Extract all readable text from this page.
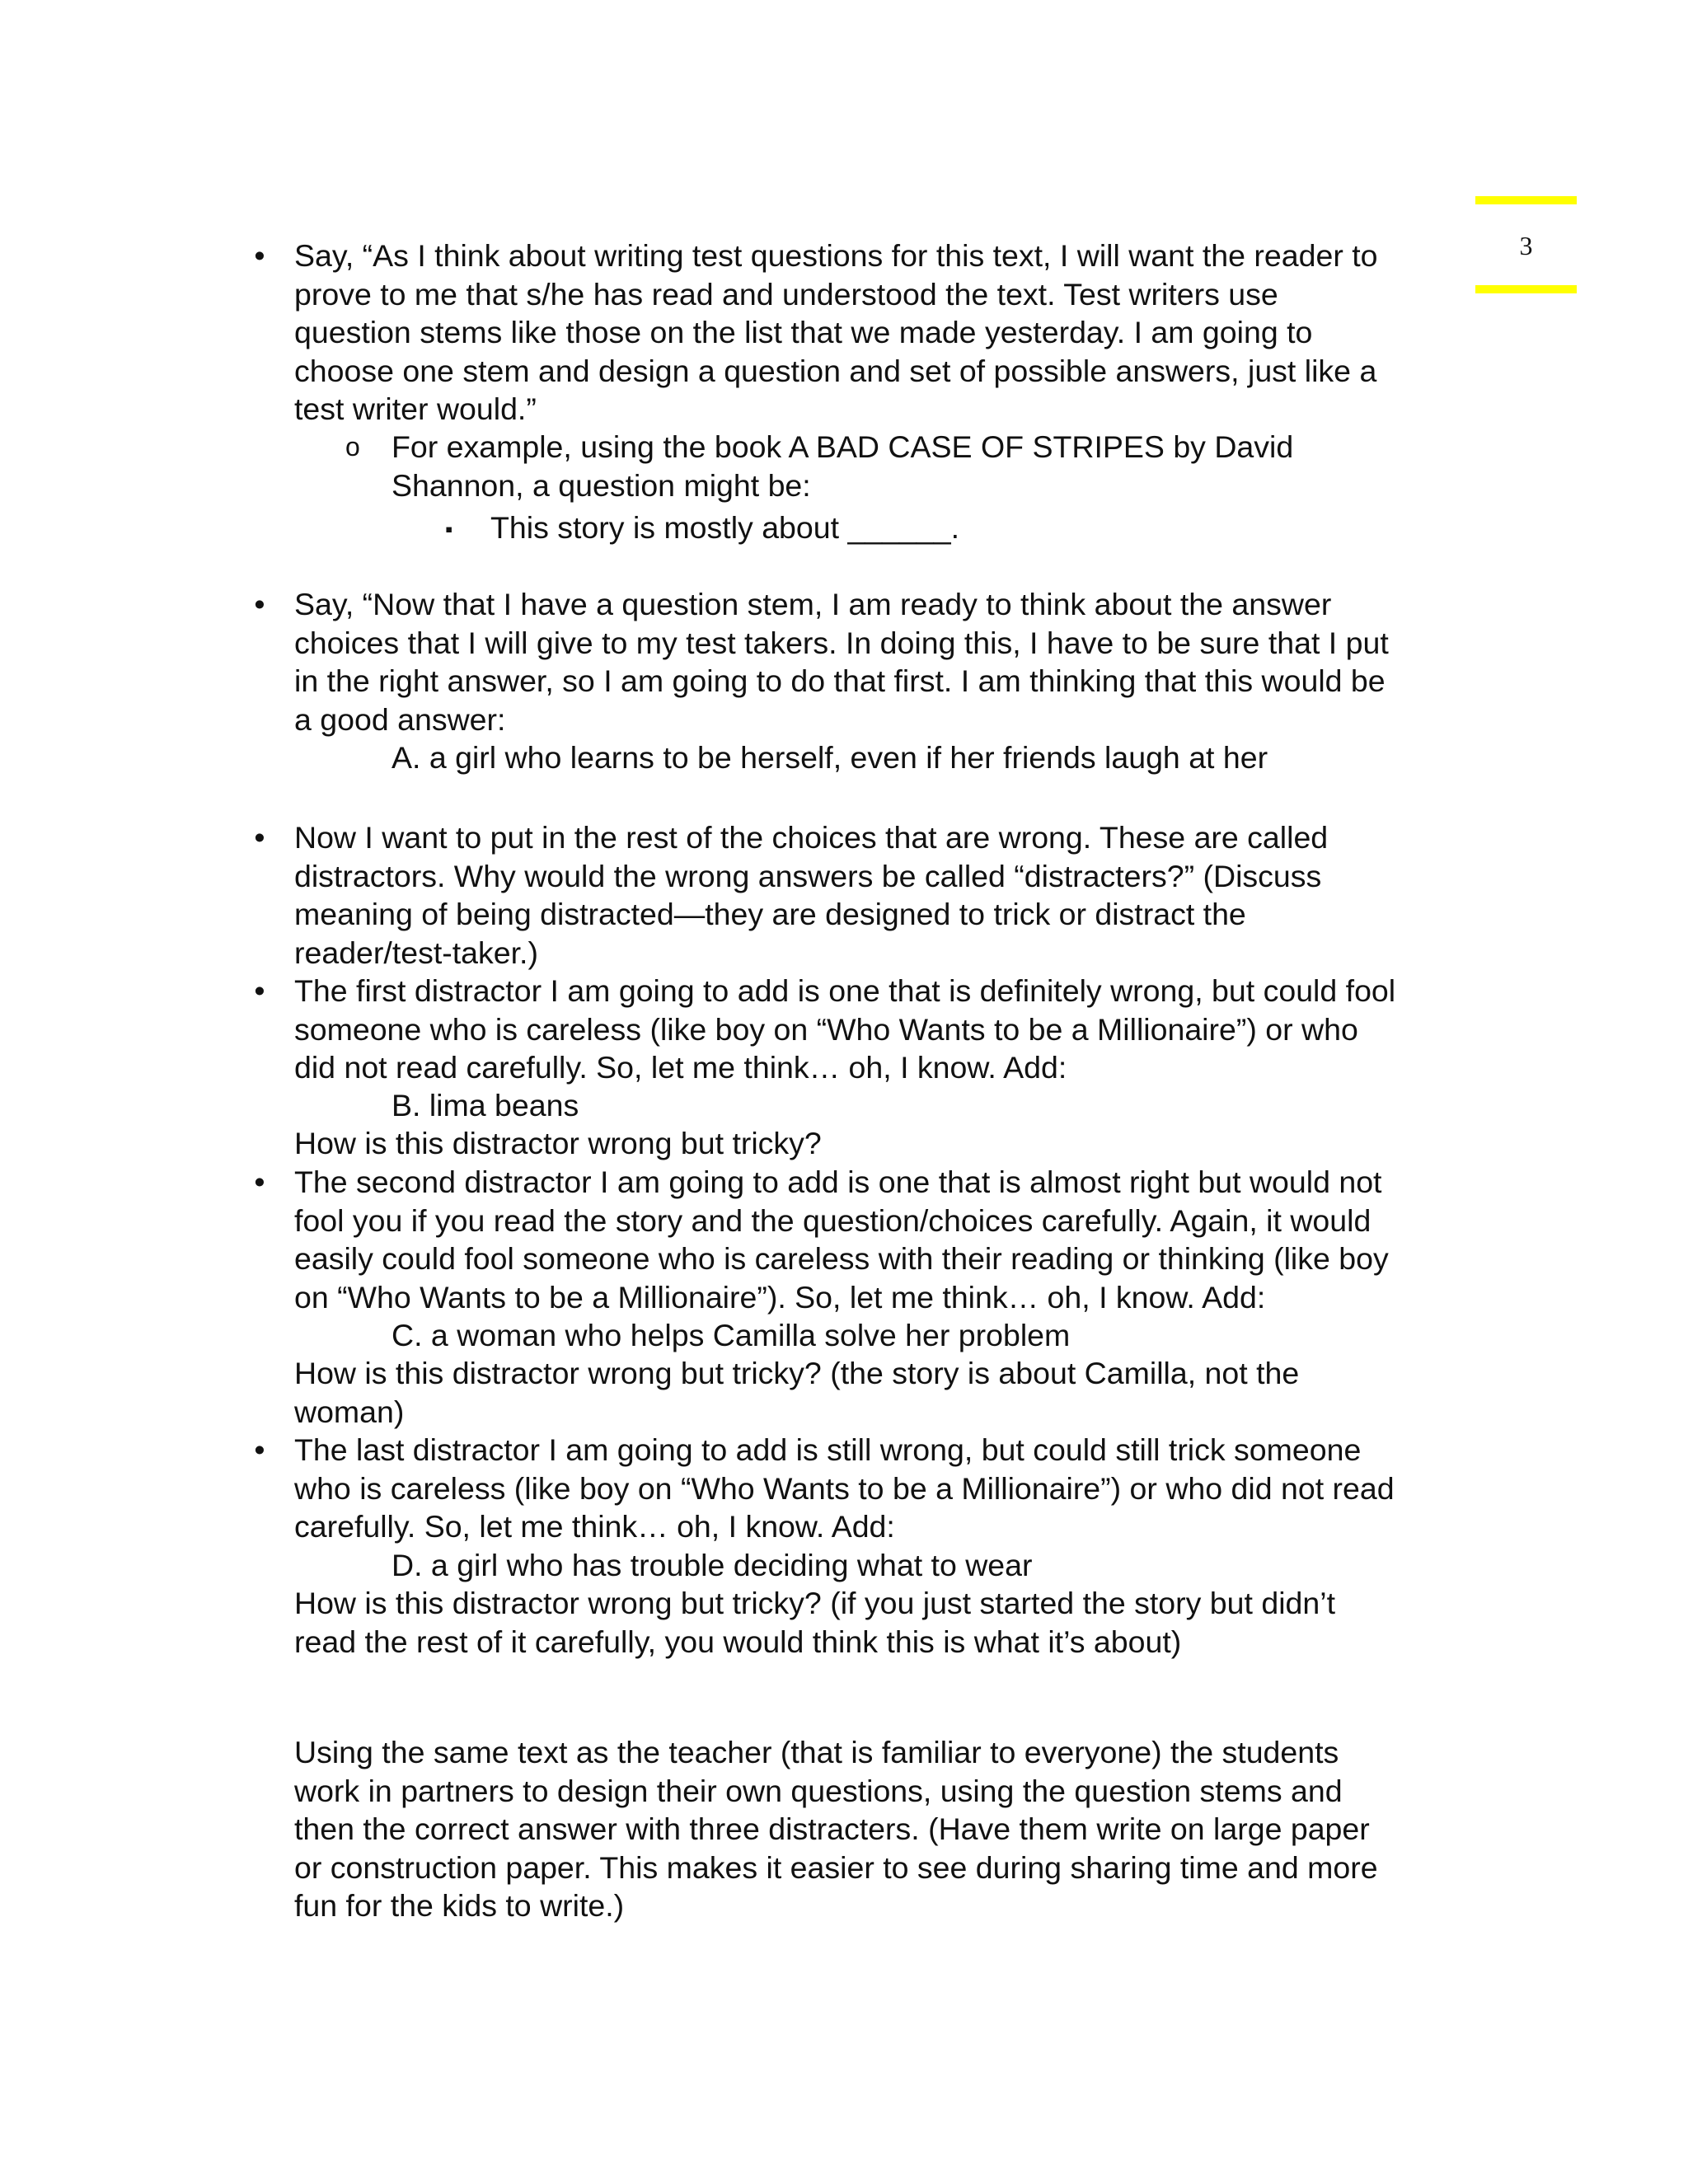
3
• Say, “As I think about writing test questions for this text, I will want the reader to
prove to me that s/he has read and understood the text. Test writers use
question stems like those on the list that we made yesterday. I am going to
choose one stem and design a question and set of possible answers, just like a
test writer would.”
o For example, using the book A BAD CASE OF STRIPES by David
Shannon, a question might be:
▪ This story is mostly about ______.
• Say, “Now that I have a question stem, I am ready to think about the answer
choices that I will give to my test takers. In doing this, I have to be sure that I put
in the right answer, so I am going to do that first. I am thinking that this would be
a good answer:
A. a girl who learns to be herself, even if her friends laugh at her
• Now I want to put in the rest of the choices that are wrong. These are called
distractors. Why would the wrong answers be called “distracters?” (Discuss
meaning of being distracted—they are designed to trick or distract the
reader/test-taker.)
• The first distractor I am going to add is one that is definitely wrong, but could fool
someone who is careless (like boy on “Who Wants to be a Millionaire”) or who
did not read carefully. So, let me think… oh, I know. Add:
B. lima beans
How is this distractor wrong but tricky?
• The second distractor I am going to add is one that is almost right but would not
fool you if you read the story and the question/choices carefully. Again, it would
easily could fool someone who is careless with their reading or thinking (like boy
on “Who Wants to be a Millionaire”). So, let me think… oh, I know. Add:
C. a woman who helps Camilla solve her problem
How is this distractor wrong but tricky? (the story is about Camilla, not the
woman)
• The last distractor I am going to add is still wrong, but could still trick someone
who is careless (like boy on “Who Wants to be a Millionaire”) or who did not read
carefully. So, let me think… oh, I know. Add:
D. a girl who has trouble deciding what to wear
How is this distractor wrong but tricky? (if you just started the story but didn’t
read the rest of it carefully, you would think this is what it’s about)
Using the same text as the teacher (that is familiar to everyone) the students
work in partners to design their own questions, using the question stems and
then the correct answer with three distracters. (Have them write on large paper
or construction paper. This makes it easier to see during sharing time and more
fun for the kids to write.)
